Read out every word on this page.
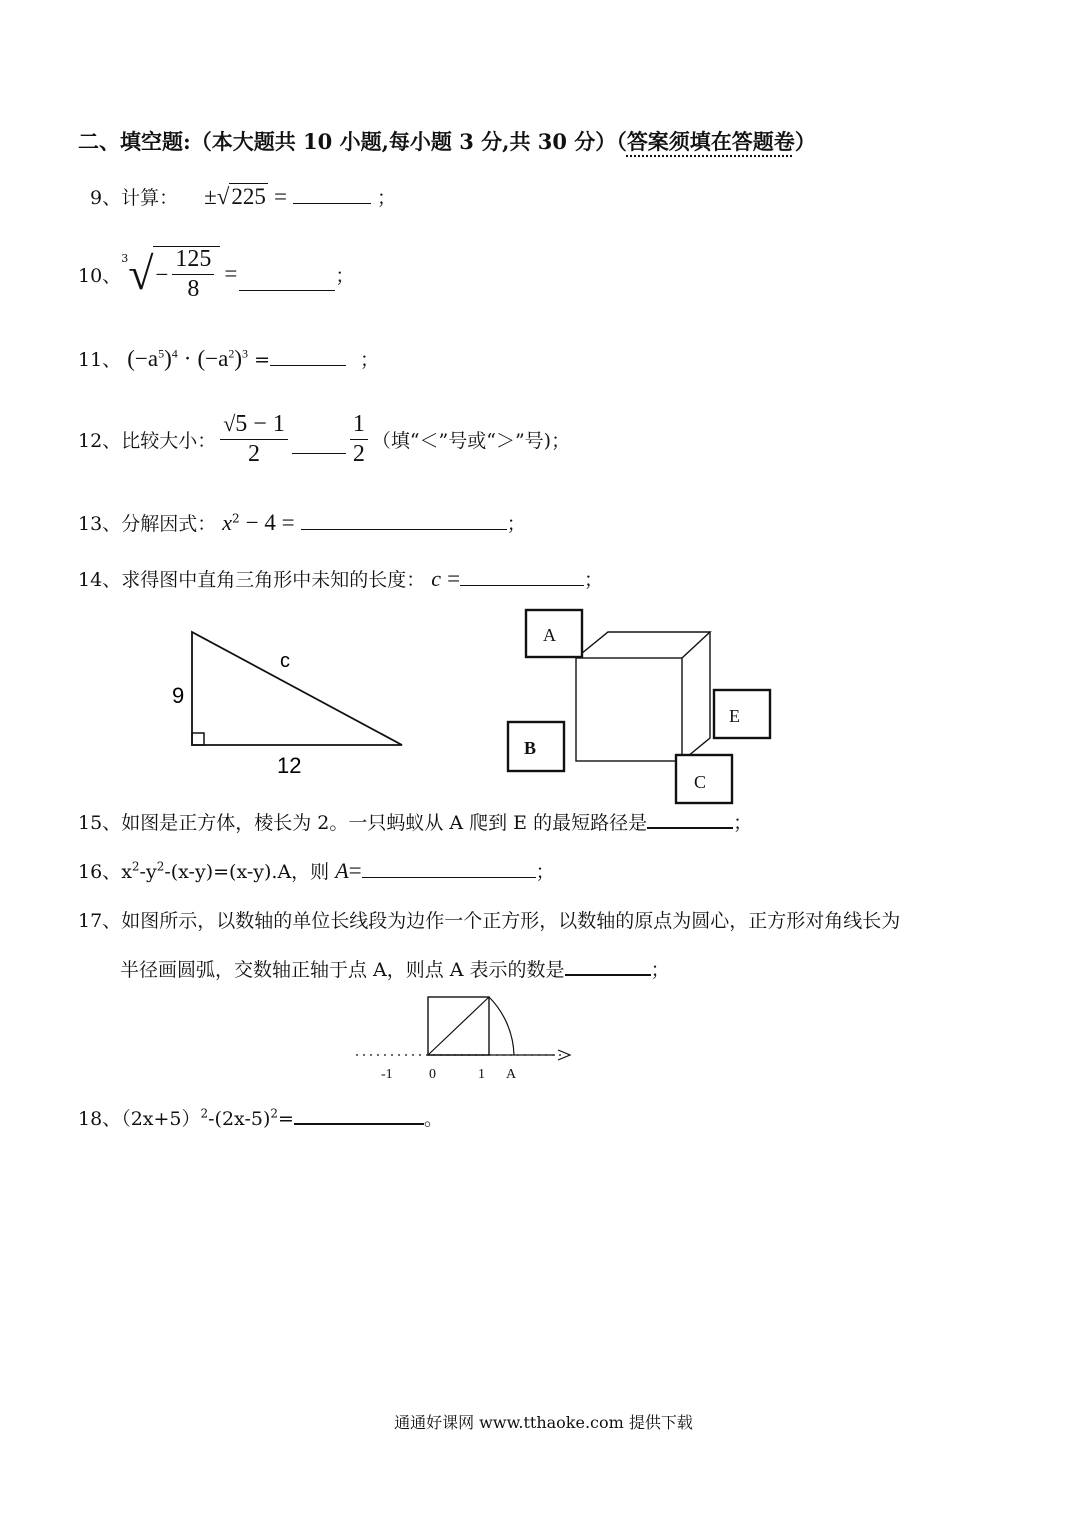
二、填空题:（本大题共 10 小题,每小题 3 分,共 30 分）（答案须填在答题卷）
9、计算： ±√225 =	；
10、
3 √ − $\frac{125}{8}$ =	；
11、 $(-a^5)^4 \cdot (-a^2)^3$ =	；
12、 比较大小： $\frac{√5 - 1}{2}$	$\frac{1}{2}$ （填“＜”号或“＞”号)；
13、分解因式： $x^2 - 4$ =	；
14、求得图中直角三角形中未知的长度： c =	；
9
12
c
A
B
E
C
15、如图是正方体，棱长为 2。一只蚂蚁从 A 爬到 E 的最短路径是	；
16、$x^2-y^2-(x-y)=(x-y).A$，则 A=	；
17、如图所示，以数轴的单位长线段为边作一个正方形，以数轴的原点为圆心，正方形对角线长为
半径画圆弧，交数轴正轴于点 A，则点 A 表示的数是	；
-1	0	1 A
18、$(2x+5)^2-(2x-5)^2=$	。
通通好课网 www.tthaoke.com 提供下载
